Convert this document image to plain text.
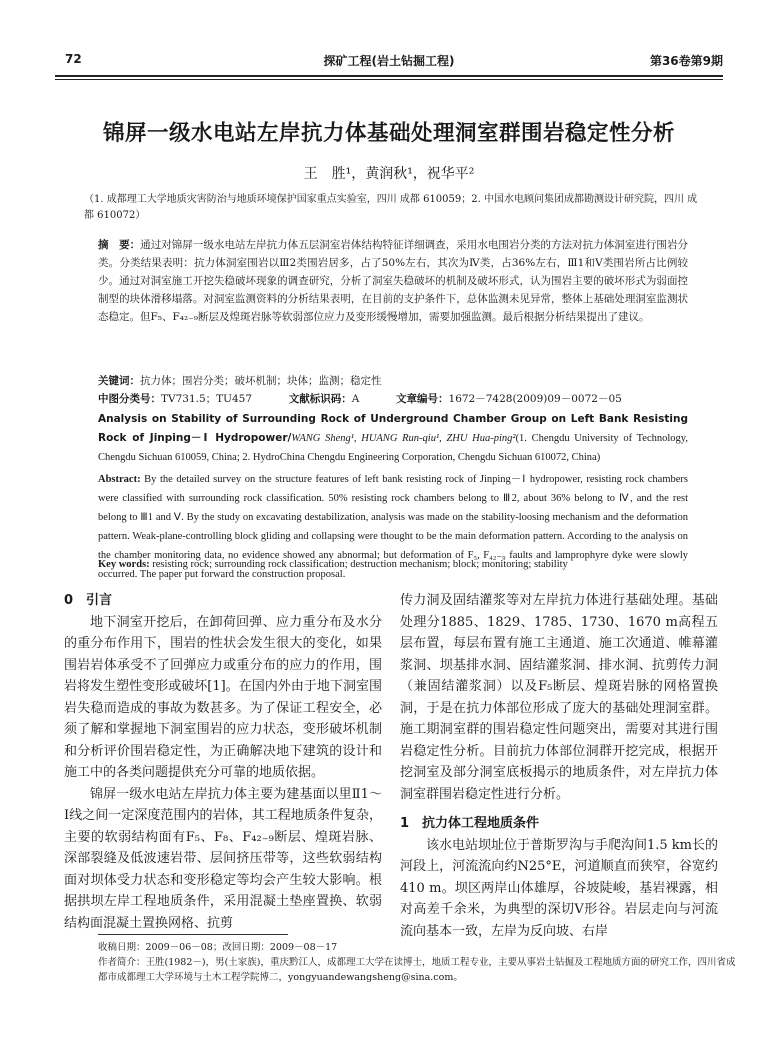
72	探矿工程(岩土钻掘工程)	第36卷第9期
锦屏一级水电站左岸抗力体基础处理洞室群围岩稳定性分析
王　胜¹，黄润秋¹，祝华平²
（1. 成都理工大学地质灾害防治与地质环境保护国家重点实验室，四川 成都 610059；2. 中国水电顾问集团成都勘测设计研究院，四川 成都 610072）
摘　要：通过对锦屏一级水电站左岸抗力体五层洞室岩体结构特征详细调查，采用水电围岩分类的方法对抗力体洞室进行围岩分类。分类结果表明：抗力体洞室围岩以Ⅲ2类围岩居多，占了50%左右，其次为Ⅳ类，占36%左右，Ⅲ1和Ⅴ类围岩所占比例较少。通过对洞室施工开挖失稳破坏现象的调查研究，分析了洞室失稳破坏的机制及破坏形式，认为围岩主要的破坏形式为弱面控制型的块体滑移塌落。对洞室监测资料的分析结果表明，在目前的支护条件下，总体监测未见异常，整体上基础处理洞室监测状态稳定。但F₅、F₄₂₋₉断层及煌斑岩脉等软弱部位应力及变形缓慢增加，需要加强监测。最后根据分析结果提出了建议。
关键词：抗力体；围岩分类；破坏机制；块体；监测；稳定性
中图分类号：TV731.5；TU457	文献标识码：A	文章编号：1672－7428(2009)09－0072－05
Analysis on Stability of Surrounding Rock of Underground Chamber Group on Left Bank Resisting Rock of Jinping－Ⅰ Hydropower/WANG Sheng¹, HUANG Run-qiu¹, ZHU Hua-ping²(1. Chengdu University of Technology, Chengdu Sichuan 610059, China; 2. HydroChina Chengdu Engineering Corporation, Chengdu Sichuan 610072, China)
Abstract: By the detailed survey on the structure features of left bank resisting rock of Jinping－Ⅰ hydropower, resisting rock chambers were classified with surrounding rock classification. 50% resisting rock chambers belong to Ⅲ2, about 36% belong to Ⅳ, and the rest belong to Ⅲ1 and Ⅴ. By the study on excavating destabilization, analysis was made on the stability-loosing mechanism and the deformation pattern. Weak-plane-controlling block gliding and collapsing were thought to be the main deformation pattern. According to the analysis on the chamber monitoring data, no evidence showed any abnormal; but deformation of F₅, F₄₂₋₉ faults and lamprophyre dyke were slowly occurred. The paper put forward the construction proposal.
Key words: resisting rock; surrounding rock classification; destruction mechanism; block; monitoring; stability

0　引言

地下洞室开挖后，在卸荷回弹、应力重分布及水分的重分布作用下，围岩的性状会发生很大的变化，如果围岩岩体承受不了回弹应力或重分布的应力的作用，围岩将发生塑性变形或破坏[1]。在国内外由于地下洞室围岩失稳而造成的事故为数甚多。为了保证工程安全，必须了解和掌握地下洞室围岩的应力状态，变形破坏机制和分析评价围岩稳定性，为正确解决地下建筑的设计和施工中的各类问题提供充分可靠的地质依据。

锦屏一级水电站左岸抗力体主要为建基面以里Ⅱ1～Ⅰ线之间一定深度范围内的岩体，其工程地质条件复杂，主要的软弱结构面有F₅、F₈、F₄₂₋₉断层、煌斑岩脉、深部裂缝及低波速岩带、层间挤压带等，这些软弱结构面对坝体受力状态和变形稳定等均会产生较大影响。根据拱坝左岸工程地质条件，采用混凝土垫座置换、软弱结构面混凝土置换网格、抗剪

传力洞及固结灌浆等对左岸抗力体进行基础处理。基础处理分1885、1829、1785、1730、1670 m高程五层布置，每层布置有施工主通道、施工次通道、帷幕灌浆洞、坝基排水洞、固结灌浆洞、排水洞、抗剪传力洞（兼固结灌浆洞）以及F₅断层、煌斑岩脉的网格置换洞，于是在抗力体部位形成了庞大的基础处理洞室群。施工期洞室群的围岩稳定性问题突出，需要对其进行围岩稳定性分析。目前抗力体部位洞群开挖完成，根据开挖洞室及部分洞室底板揭示的地质条件，对左岸抗力体洞室群围岩稳定性进行分析。

1　抗力体工程地质条件

该水电站坝址位于普斯罗沟与手爬沟间1.5 km长的河段上，河流流向约N25°E，河道顺直而狭窄，谷宽约410 m。坝区两岸山体雄厚，谷坡陡峻，基岩裸露，相对高差千余米，为典型的深切V形谷。岩层走向与河流流向基本一致，左岸为反向坡、右岸

收稿日期：2009－06－08；改回日期：2009－08－17
作者简介：王胜(1982－)，男(土家族)，重庆黔江人，成都理工大学在读博士，地质工程专业，主要从事岩土钻掘及工程地质方面的研究工作，四川省成都市成都理工大学环境与土木工程学院博二，yongyuandewangsheng@sina.com。
